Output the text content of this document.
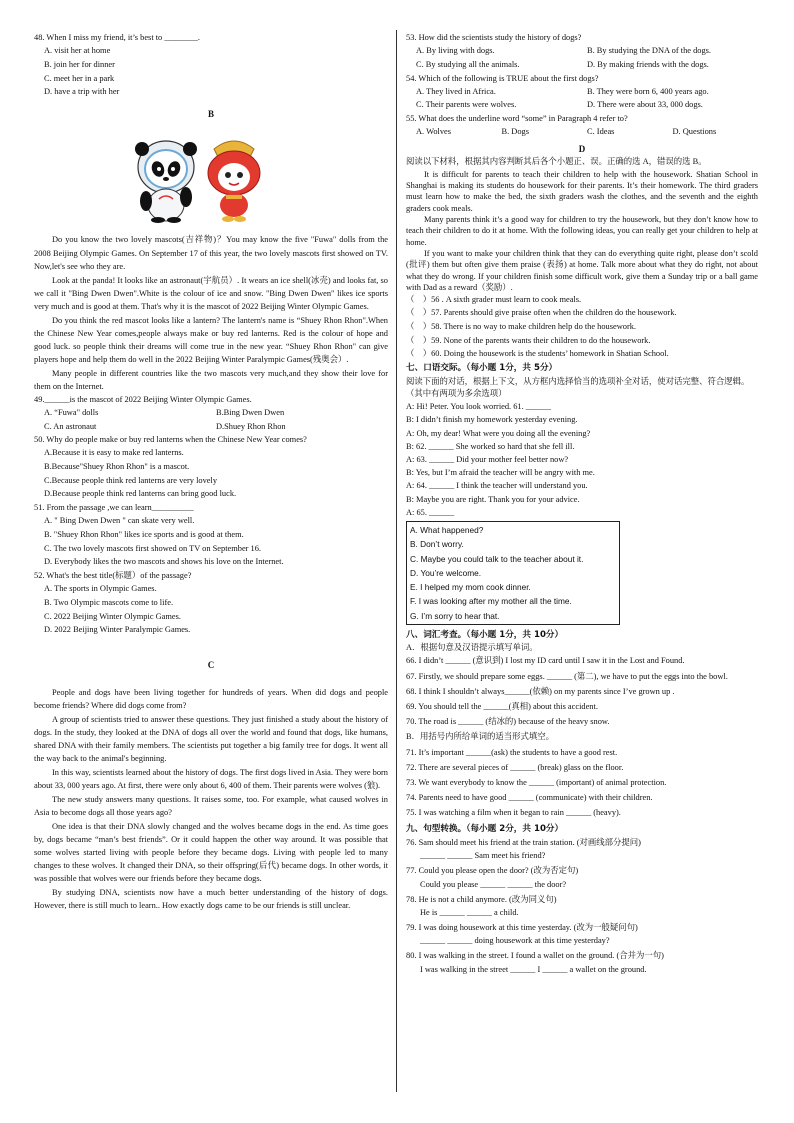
48. When I miss my friend, it’s best to ________.

A. visit her at home

B. join her for dinner

C. meet her in a park

D. have a trip with her

B

Do you know the two lovely mascots(吉祥物)？You may know the five "Fuwa" dolls from the 2008 Beijing Olympic Games. On September 17 of this year, the two lovely mascots first showed on TV. Now,let's see who they are.

Look at the panda! It looks like an astronaut(宇航员）. It wears an ice shell(冰壳) and looks fat, so we call it "Bing Dwen Dwen".White is the colour of ice and snow. "Bing Dwen Dwen" likes ice sports very much and is good at them. That's why it is the mascot of 2022 Beijing Winter Olympic Games.

Do you think the red mascot looks like a lantern? The lantern's name is “Shuey Rhon Rhon".When the Chinese New Year comes,people always make or buy red lanterns. Red is the colour of hope and good luck. so people think their dreams will come true in the new year. “Shuey Rhon Rhon" can give players hope and help them do well in the 2022 Beijing Winter Paralympic Games(残奥会）.

Many people in different countries like the two mascots very much,and they show their love for them on the Internet.

49.______is the mascot of 2022 Beijing Winter Olympic Games.

A. “Fuwa" dolls	B.Bing Dwen Dwen
C. An astronaut	D.Shuey Rhon Rhon

50. Why do people make or buy red lanterns when the Chinese New Year comes?

A.Because it is easy to make red lanterns.

B.Because"Shuey Rhon Rhon" is a mascot.

C.Because people think red lanterns are very lovely

D.Because people think red lanterns can bring good luck.

51. From the passage ,we can learn__________

A. " Bing Dwen Dwen " can skate very well.

B. "Shuey Rhon Rhon" likes ice sports and is good at them.

C. The two lovely mascots first showed on TV on September 16.

D. Everybody likes the two mascots and shows his love on the Internet.

52. What's the best title(标题）of the passage?

A. The sports in Olympic Games.

B. Two Olympic mascots come to life.

C. 2022 Beijing Winter Olympic Games.

D. 2022 Beijing Winter Paralympic Games.

C

People and dogs have been living together for hundreds of years. When did dogs and people become friends? Where did dogs come from?

A group of scientists tried to answer these questions. They just finished a study about the history of dogs. In the study, they looked at the DNA of dogs all over the world and found that dogs, like humans, shared DNA with their family members. The scientists put together a big family tree for dogs. It went all the way back to the animal's beginning.

In this way, scientists learned about the history of dogs. The first dogs lived in Asia. They were born about 33, 000 years ago. At first, there were only about 6, 400 of them. Their parents were wolves (狼).

The new study answers many questions. It raises some, too. For example, what caused wolves in Asia to become dogs all those years ago?

One idea is that their DNA slowly changed and the wolves became dogs in the end. As time goes by, dogs became “man’s best friends”. Or it could happen the other way around. It was possible that some wolves started living with people before they became dogs. Living with people led to many changes to these wolves. It changed their DNA, so their offspring(后代) became dogs. In other words, it was possible that wolves were our friends before they became dogs.

By studying DNA, scientists now have a much better understanding of the history of dogs. However, there is still much to learn.. How exactly dogs came to be our friends is still unclear.

53. How did the scientists study the history of dogs?

A. By living with dogs.	B. By studying the DNA of the dogs.
C. By studying all the animals.	D. By making friends with the dogs.

54. Which of the following is TRUE about the first dogs?

A. They lived in Africa.	B. They were born 6, 400 years ago.
C. Their parents were wolves.	D. There were about 33, 000 dogs.

55. What does the underline word “some” in Paragraph 4 refer to?

A. Wolves	B. Dogs	C. Ideas	D. Questions
D

阅读以下材料，根据其内容判断其后各个小题正、误。正确的选 A，错误的选 B。

It is difficult for parents to teach their children to help with the housework. Shatian School in Shanghai is making its students do housework for their parents. It’s their homework. The third graders must learn how to make the bed, the sixth graders wash the clothes, and the seventh and the eighth graders cook meals.

Many parents think it’s a good way for children to try the housework, but they don’t know how to teach their children to do it at home. With the following ideas, you can really get your children to help at home.

If you want to make your children think that they can do everything quite right, please don’t scold (批评) them but often give them praise (表扬) at home. Talk more about what they do right, not about what they do wrong. If your children finish some difficult work, give them a Sunday trip or a ball game with Dad as a reward（奖励）.

（　）56 . A sixth grader must learn to cook meals.

（　）57. Parents should give praise often when the children do the housework.

（　）58. There is no way to make children help do the housework.

（　）59. None of the parents wants their children to do the housework.

（　）60. Doing the housework is the students’ homework in Shatian School.

七、口语交际。（每小题 1分，共 5分）

阅读下面的对话，根据上下文，从方框内选择恰当的选项补全对话，使对话完整、符合逻辑。（其中有两项为多余选项）

A: Hi! Peter. You look worried. 61. ______

B: I didn’t finish my homework yesterday evening.

A: Oh, my dear! What were you doing all the evening?

B: 62. ______ She worked so hard that she fell ill.

A: 63. ______ Did your mother feel better now?

B: Yes, but I’m afraid the teacher will be angry with me.

A: 64. ______ I think the teacher will understand you.

B: Maybe you are right. Thank you for your advice.

A: 65. ______

A. What happened?
B. Don’t worry.
C. Maybe you could talk to the teacher about it.
D. You’re welcome.
E. I helped my mom cook dinner.
F. I was looking after my mother all the time.
G. I’m sorry to hear that.

八、词汇考查。（每小题 1分，共 10分）

A．根据句意及汉语提示填写单词。

66. I didn’t ______ (意识到) I lost my ID card until I saw it in the Lost and Found.

67. Firstly, we should prepare some eggs. ______ (第二), we have to put the eggs into the bowl.

68. I think I shouldn’t always______(依赖) on my parents since I’ve grown up .

69. You should tell the ______(真相) about this accident.

70. The road is ______ (结冰的) because of the heavy snow.

B．用括号内所给单词的适当形式填空。

71. It’s important ______(ask) the students to have a good rest.

72. There are several pieces of ______ (break) glass on the floor.

73. We want everybody to know the ______ (important) of animal protection.

74. Parents need to have good ______ (communicate) with their children.

75. I was watching a film when it began to rain ______ (heavy).

九、句型转换。（每小题 2分，共 10分）

76. Sam should meet his friend at the train station. (对画线部分提问)

______ ______ Sam meet his friend?

77. Could you please open the door? (改为否定句)

Could you please ______ ______ the door?

78. He is not a child anymore. (改为同义句)

He is ______ ______ a child.

79. I was doing housework at this time yesterday. (改为一般疑问句)

______ ______ doing housework at this time yesterday?

80. I was walking in the street. I found a wallet on the ground. (合并为一句)

I was walking in the street ______ I ______ a wallet on the ground.
